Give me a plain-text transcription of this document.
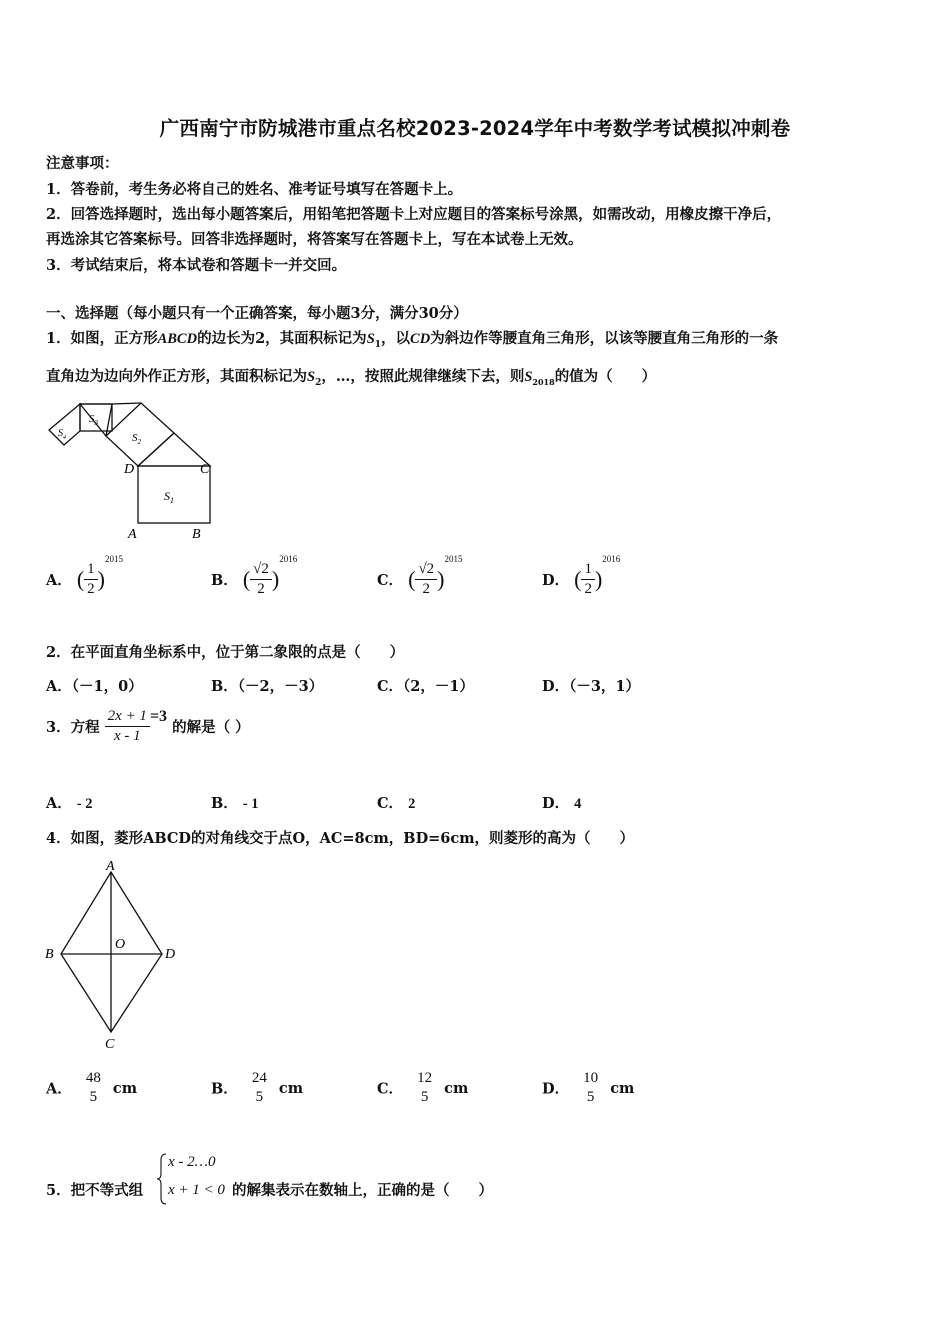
广西南宁市防城港市重点名校2023-2024学年中考数学考试模拟冲刺卷
注意事项：
1．答卷前，考生务必将自己的姓名、准考证号填写在答题卡上。
2．回答选择题时，选出每小题答案后，用铅笔把答题卡上对应题目的答案标号涂黑，如需改动，用橡皮擦干净后，
再选涂其它答案标号。回答非选择题时，将答案写在答题卡上，写在本试卷上无效。
3．考试结束后，将本试卷和答题卡一并交回。
一、选择题（每小题只有一个正确答案，每小题3分，满分30分）
1．如图，正方形ABCD的边长为2，其面积标记为$S_1$，以CD为斜边作等腰直角三角形，以该等腰直角三角形的一条
直角边为边向外作正方形，其面积标记为$S_2$，…，按照此规律继续下去，则$S_{2018}$的值为（　　）
$S_1$
$S_2$
$S_3$
$S_4$
D	C
A	B
A． ( $\frac{1}{2} )^{2015}$
B． ( $\frac{√2}{2} )^{2016}$
C． ( $\frac{√2}{2} )^{2015}$
D． ( $\frac{1}{2} )^{2016}$
2．在平面直角坐标系中，位于第二象限的点是（　　）
A．（－1，0）	B．（－2，－3）	C．（2，－1）	D．（－3，1）
3．方程 $\frac{2x + 1}{x - 1} =3$ 的解是（ ）
A． - 2	B． - 1	C． 2	D． 4
4．如图，菱形ABCD的对角线交于点O，AC=8cm，BD=6cm，则菱形的高为（　　）
A
B	D
O
C
A．
48
5
cm	B．
24
5
cm	C．
12
5
cm	D．
10
5
cm
5．把不等式组
x - 2…0
x + 1 < 0 的解集表示在数轴上，正确的是（　　）
